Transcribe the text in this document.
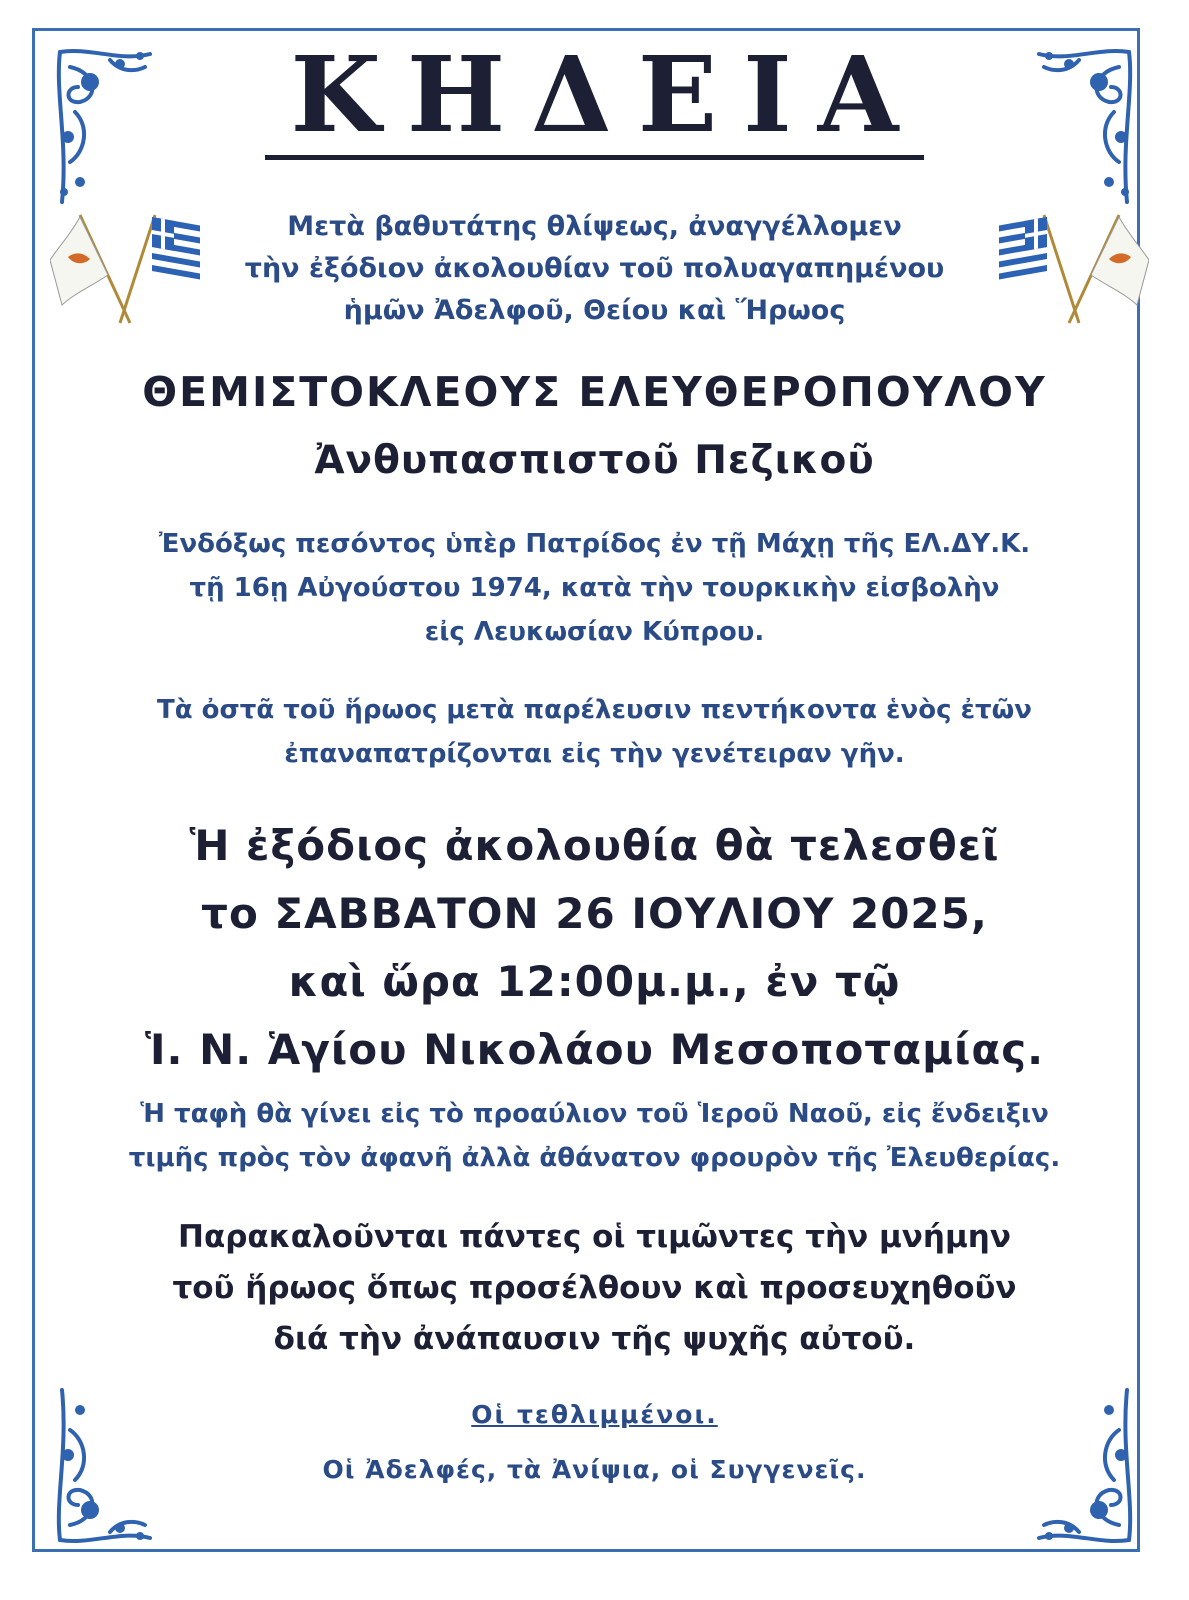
ΚΗΔΕΙΑ
Μετὰ βαθυτάτης θλίψεως, ἀναγγέλλομεν
τὴν ἐξόδιον ἀκολουθίαν τοῦ πολυαγαπημένου
ἡμῶν Ἀδελφοῦ, Θείου καὶ Ἥρωος
ΘΕΜΙΣΤΟΚΛΕΟΥΣ ΕΛΕΥΘΕΡΟΠΟΥΛΟΥ
Ἀνθυπασπιστοῦ Πεζικοῦ
Ἐνδόξως πεσόντος ὑπὲρ Πατρίδος ἐν τῇ Μάχῃ τῆς ΕΛ.ΔΥ.Κ.
τῇ 16ῃ Αὐγούστου 1974, κατὰ τὴν τουρκικὴν εἰσβολὴν
εἰς Λευκωσίαν Κύπρου.
Τὰ ὀστᾶ τοῦ ἥρωος μετὰ παρέλευσιν πεντήκοντα ἑνὸς ἐτῶν
ἐπαναπατρίζονται εἰς τὴν γενέτειραν γῆν.
Ἡ ἐξόδιος ἀκολουθία θὰ τελεσθεῖ
το ΣΑΒΒΑΤΟΝ 26 ΙΟΥΛΙΟΥ 2025,
καὶ ὥρα 12:00μ.μ., ἐν τῷ
Ἱ. Ν. Ἁγίου Νικολάου Μεσοποταμίας.
Ἡ ταφὴ θὰ γίνει εἰς τὸ προαύλιον τοῦ Ἱεροῦ Ναοῦ, εἰς ἔνδειξιν
τιμῆς πρὸς τὸν ἀφανῆ ἀλλὰ ἀθάνατον φρουρὸν τῆς Ἐλευθερίας.
Παρακαλοῦνται πάντες οἱ τιμῶντες τὴν μνήμην
τοῦ ἥρωος ὅπως προσέλθουν καὶ προσευχηθοῦν
διά τὴν ἀνάπαυσιν τῆς ψυχῆς αὐτοῦ.
Οἱ τεθλιμμένοι.
Οἱ Ἀδελφές, τὰ Ἀνίψια, οἱ Συγγενεῖς.
